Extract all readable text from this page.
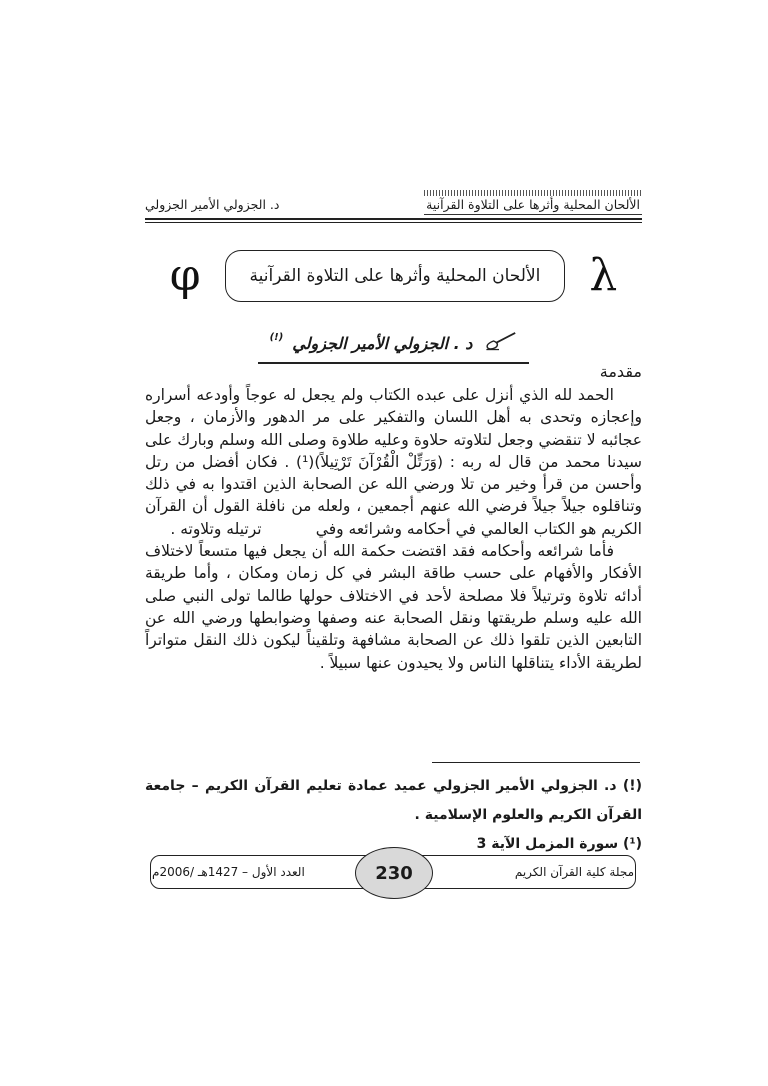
الألحان المحلية وأثرها على التلاوة القرآنية
د. الجزولي الأمير الجزولي
λ
الألحان المحلية وأثرها على التلاوة القرآنية
φ
د . الجزولي الأمير الجزولي
(!)
مقدمة

الحمد لله الذي أنزل على عبده الكتاب ولم يجعل له عوجاً وأودعه أسراره وإعجازه وتحدى به أهل اللسان والتفكير على مر الدهور والأزمان ، وجعل عجائبه لا تنقضي وجعل لتلاوته حلاوة وعليه طلاوة وصلى الله وسلم وبارك على سيدنا محمد من قال له ربه : (وَرَتِّلْ الْقُرْآنَ تَرْتِيلاً)(¹) . فكان أفضل من رتل وأحسن من قرأ وخير من تلا ورضي الله عن الصحابة الذين اقتدوا به في ذلك وتناقلوه جيلاً جيلاً فرضي الله عنهم أجمعين ، ولعله من نافلة القول أن القرآن الكريم هو الكتاب العالمي في أحكامه وشرائعه وفي           ترتيله وتلاوته .

فأما شرائعه وأحكامه فقد اقتضت حكمة الله أن يجعل فيها متسعاً لاختلاف الأفكار والأفهام على حسب طاقة البشر في كل زمان ومكان ، وأما طريقة أدائه تلاوة وترتيلاً فلا مصلحة لأحد في الاختلاف حولها طالما تولى النبي صلى الله عليه وسلم طريقتها ونقل الصحابة عنه وصفها وضوابطها ورضي الله عن التابعين الذين تلقوا ذلك عن الصحابة مشافهة وتلقيناً ليكون ذلك النقل متواتراً لطريقة الأداء يتناقلها الناس ولا يحيدون عنها سبيلاً .

(!) د. الجزولي الأمير الجزولي عميد عمادة تعليم القرآن الكريم – جامعة القرآن الكريم والعلوم الإسلامية .

(¹) سورة المزمل الآية 3

مجلة كلية القرآن الكريم
العدد الأول – 1427هـ /2006م	230
